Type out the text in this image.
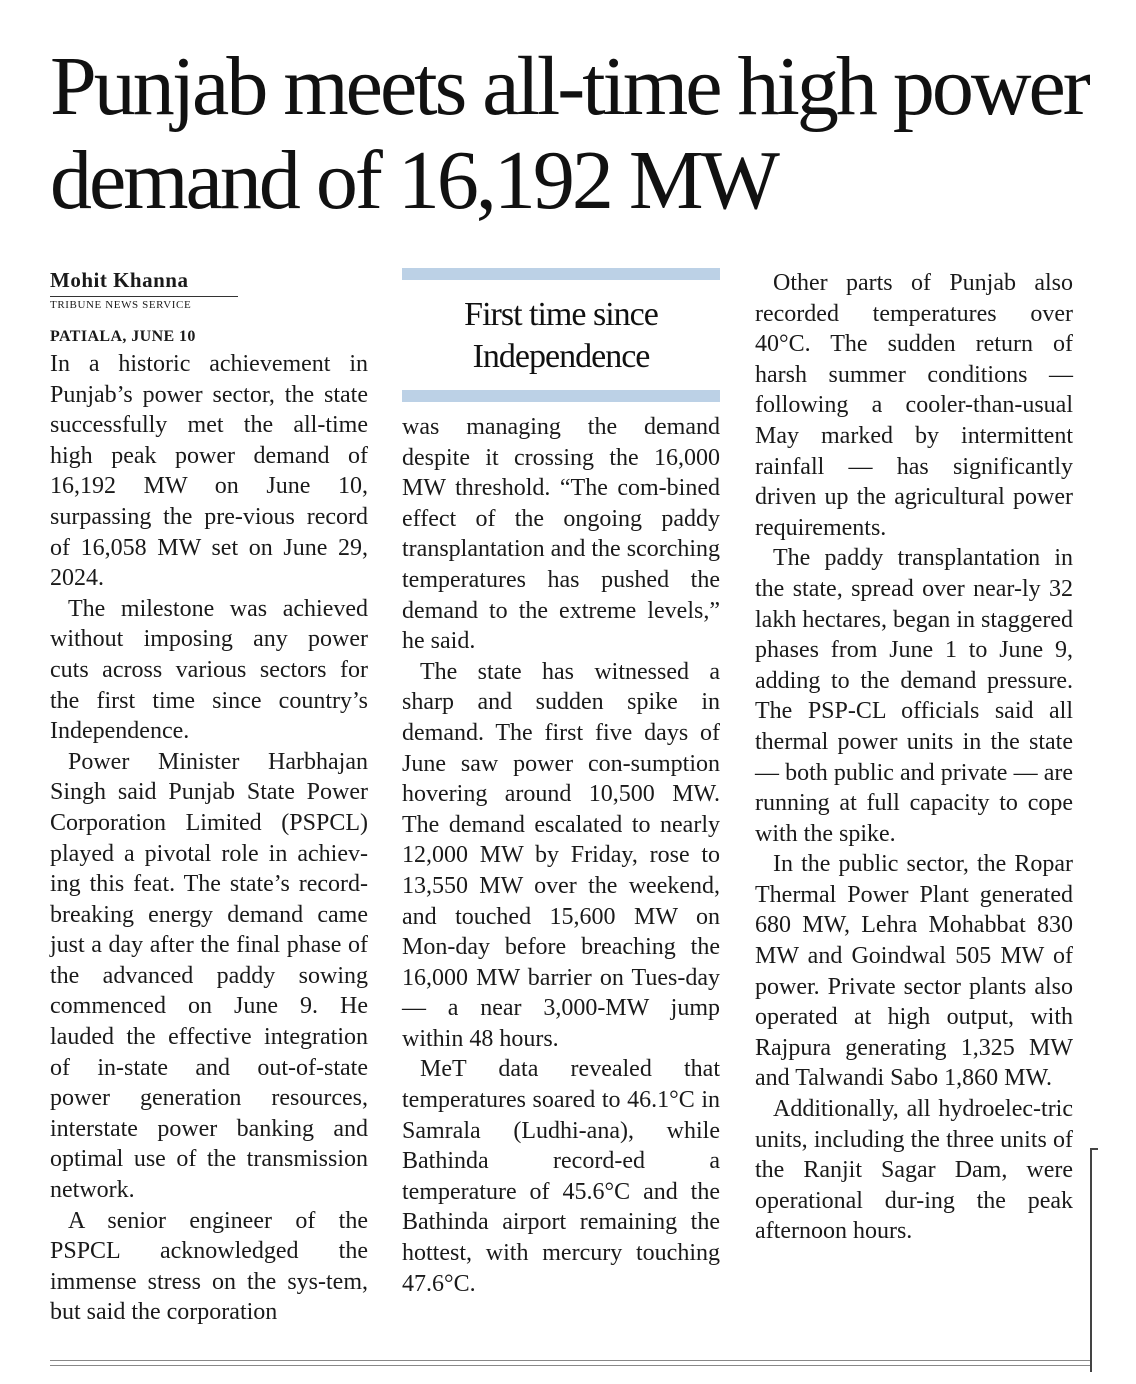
Punjab meets all-time high power demand of 16,192 MW
Mohit Khanna
TRIBUNE NEWS SERVICE
PATIALA, JUNE 10

In a historic achievement in Punjab’s power sector, the state successfully met the all-time high peak power demand of 16,192 MW on June 10, surpassing the pre-vious record of 16,058 MW set on June 29, 2024.

The milestone was achieved without imposing any power cuts across various sectors for the first time since country’s Independence.

Power Minister Harbhajan Singh said Punjab State Power Corporation Limited (PSPCL) played a pivotal role in achiev-ing this feat. The state’s record-breaking energy demand came just a day after the final phase of the advanced paddy sowing commenced on June 9. He lauded the effective integration of in-state and out-of-state power generation resources, interstate power banking and optimal use of the transmission network.

A senior engineer of the PSPCL acknowledged the immense stress on the sys-tem, but said the corporation

First time since
Independence

was managing the demand despite it crossing the 16,000 MW threshold. “The com-bined effect of the ongoing paddy transplantation and the scorching temperatures has pushed the demand to the extreme levels,” he said.

The state has witnessed a sharp and sudden spike in demand. The first five days of June saw power con-sumption hovering around 10,500 MW. The demand escalated to nearly 12,000 MW by Friday, rose to 13,550 MW over the weekend, and touched 15,600 MW on Mon-day before breaching the 16,000 MW barrier on Tues-day — a near 3,000-MW jump within 48 hours.

MeT data revealed that temperatures soared to 46.1°C in Samrala (Ludhi-ana), while Bathinda record-ed a temperature of 45.6°C and the Bathinda airport remaining the hottest, with mercury touching 47.6°C.

Other parts of Punjab also recorded temperatures over 40°C. The sudden return of harsh summer conditions — following a cooler-than-usual May marked by intermittent rainfall — has significantly driven up the agricultural power requirements.

The paddy transplantation in the state, spread over near-ly 32 lakh hectares, began in staggered phases from June 1 to June 9, adding to the demand pressure. The PSP-CL officials said all thermal power units in the state — both public and private — are running at full capacity to cope with the spike.

In the public sector, the Ropar Thermal Power Plant generated 680 MW, Lehra Mohabbat 830 MW and Goindwal 505 MW of power. Private sector plants also operated at high output, with Rajpura generating 1,325 MW and Talwandi Sabo 1,860 MW.

Additionally, all hydroelec-tric units, including the three units of the Ranjit Sagar Dam, were operational dur-ing the peak afternoon hours.
